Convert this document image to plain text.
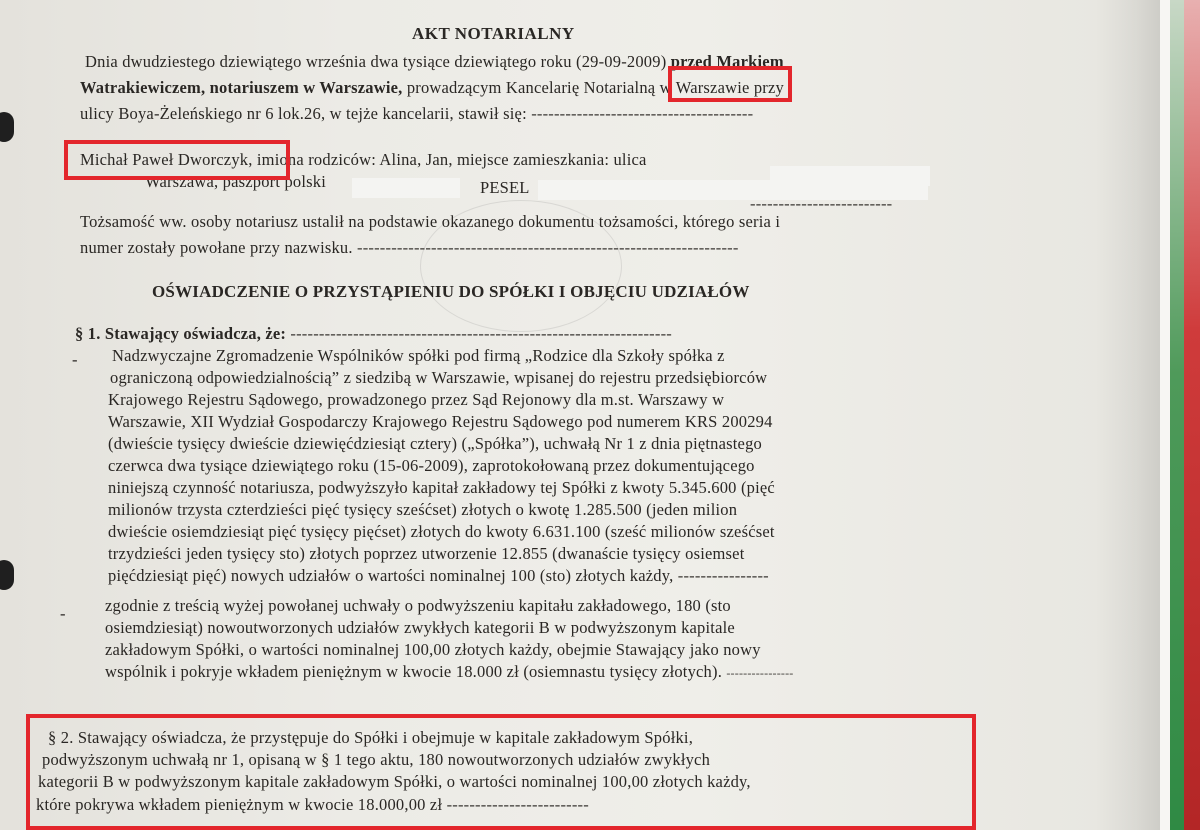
AKT NOTARIALNY
Dnia dwudziestego dziewiątego września dwa tysiące dziewiątego roku (29-09-2009) przed Markiem
Watrakiewiczem, notariuszem w Warszawie, prowadzącym Kancelarię Notarialną w Warszawie przy
ulicy Boya-Żeleńskiego nr 6 lok.26, w tejże kancelarii, stawił się: ---------------------------------------
Michał Paweł Dworczyk, imiona rodziców: Alina, Jan, miejsce zamieszkania: ulica
Warszawa, paszport polski	PESEL
-------------------------
Tożsamość ww. osoby notariusz ustalił na podstawie okazanego dokumentu tożsamości, którego seria i
numer zostały powołane przy nazwisku. -------------------------------------------------------------------
OŚWIADCZENIE O PRZYSTĄPIENIU DO SPÓŁKI I OBJĘCIU UDZIAŁÓW
§ 1. Stawający oświadcza, że: -------------------------------------------------------------------
- Nadzwyczajne Zgromadzenie Wspólników spółki pod firmą „Rodzice dla Szkoły spółka z
ograniczoną odpowiedzialnością” z siedzibą w Warszawie, wpisanej do rejestru przedsiębiorców
Krajowego Rejestru Sądowego, prowadzonego przez Sąd Rejonowy dla m.st. Warszawy w
Warszawie, XII Wydział Gospodarczy Krajowego Rejestru Sądowego pod numerem KRS 200294
(dwieście tysięcy dwieście dziewięćdziesiąt cztery) („Spółka”), uchwałą Nr 1 z dnia piętnastego
czerwca dwa tysiące dziewiątego roku (15-06-2009), zaprotokołowaną przez dokumentującego
niniejszą czynność notariusza, podwyższyło kapitał zakładowy tej Spółki z kwoty 5.345.600 (pięć
milionów trzysta czterdzieści pięć tysięcy sześćset) złotych o kwotę 1.285.500 (jeden milion
dwieście osiemdziesiąt pięć tysięcy pięćset) złotych do kwoty 6.631.100 (sześć milionów sześćset
trzydzieści jeden tysięcy sto) złotych poprzez utworzenie 12.855 (dwanaście tysięcy osiemset
pięćdziesiąt pięć) nowych udziałów o wartości nominalnej 100 (sto) złotych każdy, ----------------
- zgodnie z treścią wyżej powołanej uchwały o podwyższeniu kapitału zakładowego, 180 (sto
osiemdziesiąt) nowoutworzonych udziałów zwykłych kategorii B w podwyższonym kapitale
zakładowym Spółki, o wartości nominalnej 100,00 złotych każdy, obejmie Stawający jako nowy
wspólnik i pokryje wkładem pieniężnym w kwocie 18.000 zł (osiemnastu tysięcy złotych). ----------------
§ 2. Stawający oświadcza, że przystępuje do Spółki i obejmuje w kapitale zakładowym Spółki,
podwyższonym uchwałą nr 1, opisaną w § 1 tego aktu, 180 nowoutworzonych udziałów zwykłych
kategorii B w podwyższonym kapitale zakładowym Spółki, o wartości nominalnej 100,00 złotych każdy,
które pokrywa wkładem pieniężnym w kwocie 18.000,00 zł -------------------------
